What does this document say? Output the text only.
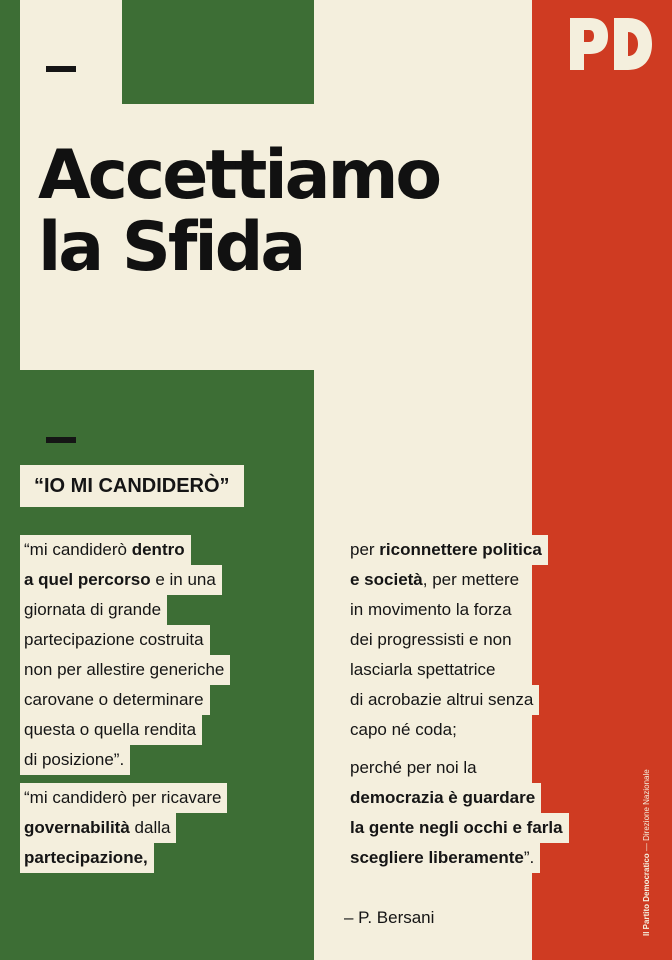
Accettiamo
la Sfida
“IO MI CANDIDERÒ”
“mi candiderò dentro
a quel percorso e in una
giornata di grande
partecipazione costruita
non per allestire generiche
carovane o determinare
questa o quella rendita
di posizione”.
“mi candiderò per ricavare
governabilità dalla
partecipazione,
per riconnettere politica
e società, per mettere
in movimento la forza
dei progressisti e non
lasciarla spettatrice
di acrobazie altrui senza
capo né coda;
perché per noi la
democrazia è guardare
la gente negli occhi e farla
scegliere liberamente”.
– P. Bersani	Il Partito Democratico — Direzione Nazionale
